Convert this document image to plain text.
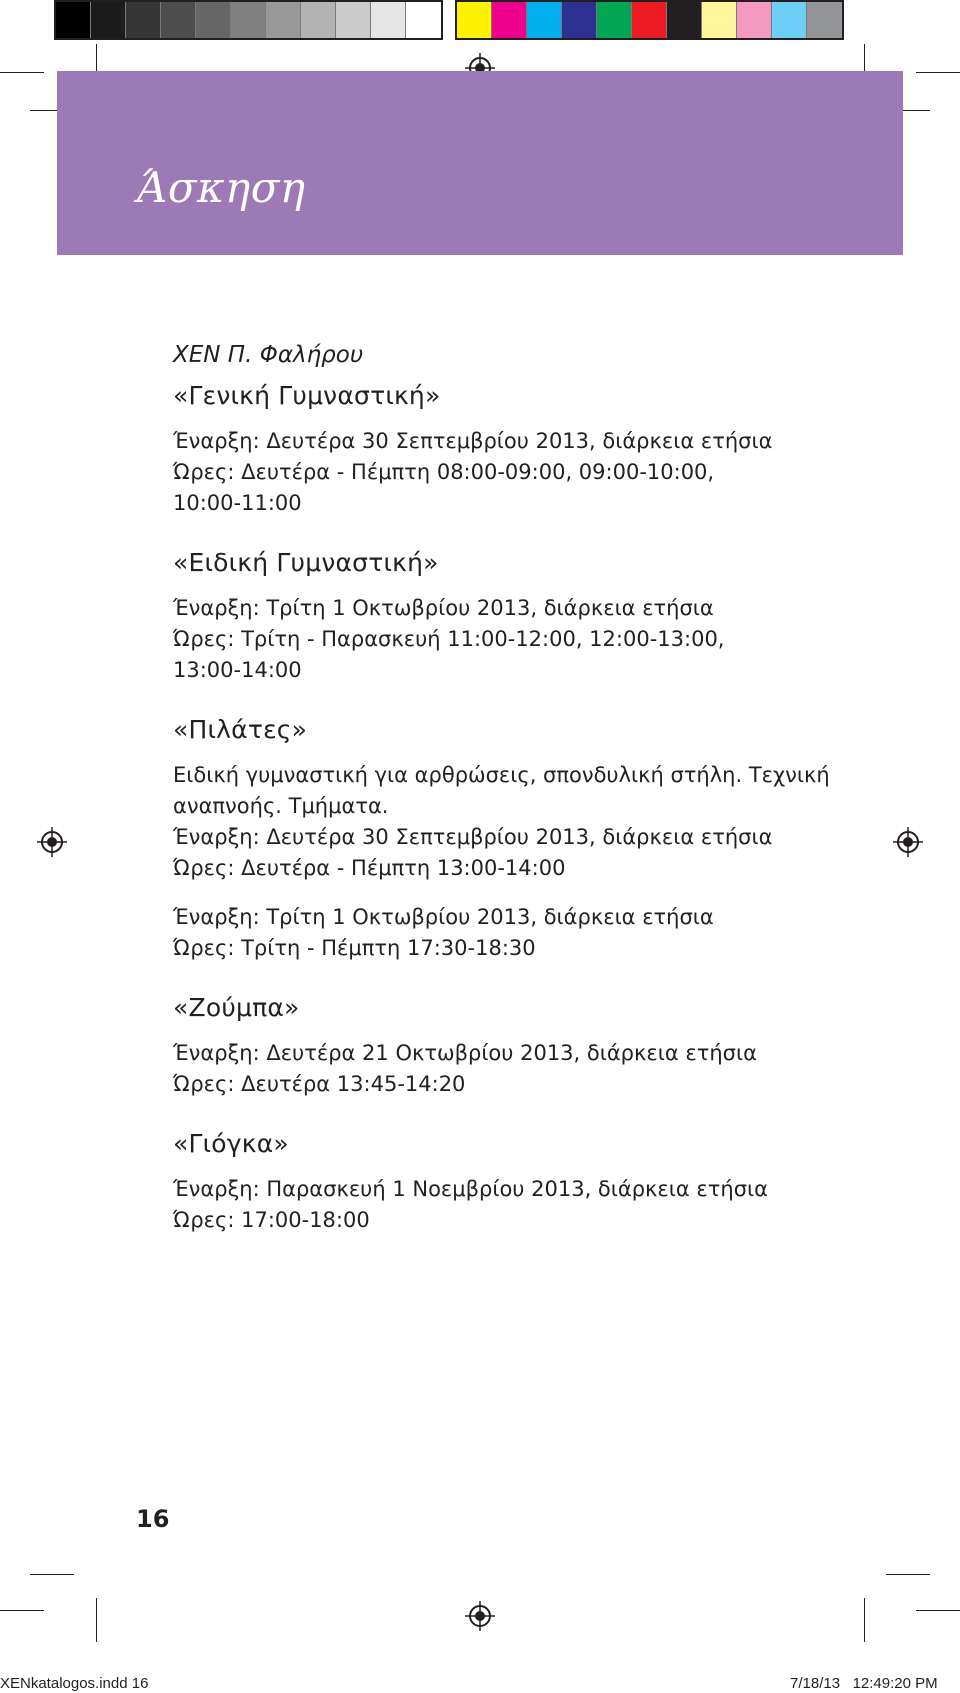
Άσκηση

ΧΕΝ Π. Φαλήρου

«Γενική Γυμναστική»

Έναρξη: Δευτέρα 30 Σεπτεμβρίου 2013, διάρκεια ετήσια

Ώρες: Δευτέρα - Πέμπτη 08:00-09:00, 09:00-10:00,

10:00-11:00

«Ειδική Γυμναστική»

Έναρξη: Τρίτη 1 Οκτωβρίου 2013, διάρκεια ετήσια

Ώρες: Τρίτη - Παρασκευή 11:00-12:00, 12:00-13:00,

13:00-14:00

«Πιλάτες»

Ειδική γυμναστική για αρθρώσεις, σπονδυλική στήλη. Τεχνική

αναπνοής. Τμήματα.

Έναρξη: Δευτέρα 30 Σεπτεμβρίου 2013, διάρκεια ετήσια

Ώρες: Δευτέρα - Πέμπτη 13:00-14:00

Έναρξη: Τρίτη 1 Οκτωβρίου 2013, διάρκεια ετήσια

Ώρες: Τρίτη - Πέμπτη 17:30-18:30

«Ζούμπα»

Έναρξη: Δευτέρα 21 Οκτωβρίου 2013, διάρκεια ετήσια

Ώρες: Δευτέρα 13:45-14:20

«Γιόγκα»

Έναρξη: Παρασκευή 1 Νοεμβρίου 2013, διάρκεια ετήσια

Ώρες: 17:00-18:00

16

XENkatalogos.indd 16	7/18/13 12:49:20 PM
